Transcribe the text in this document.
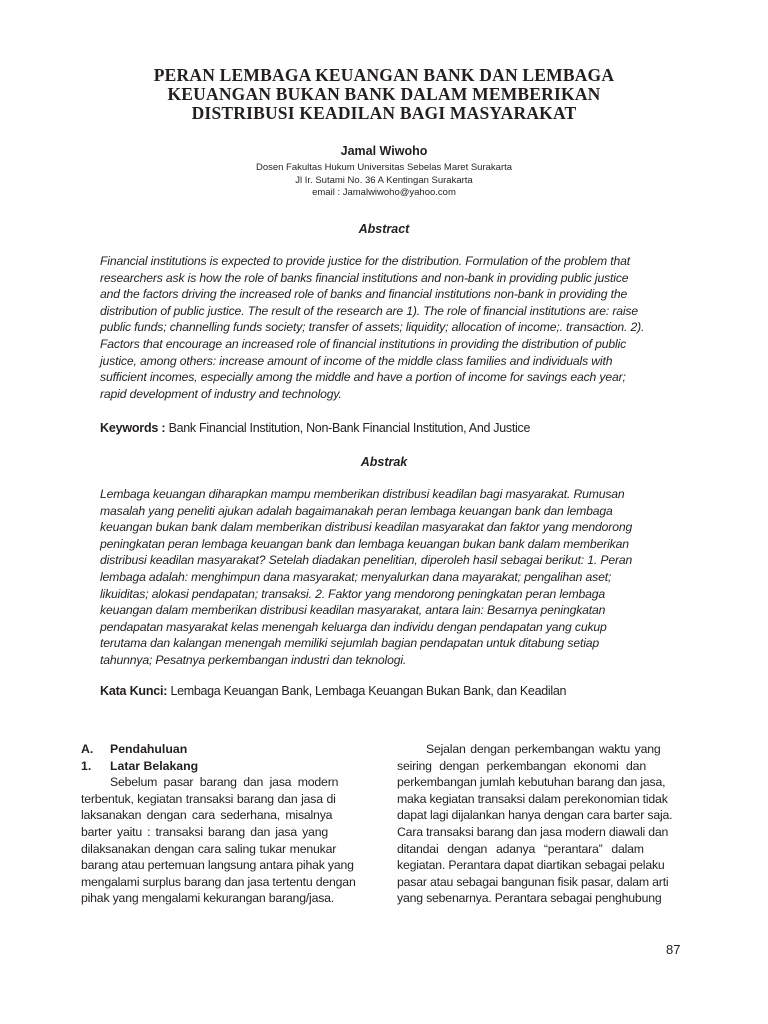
PERAN LEMBAGA KEUANGAN BANK DAN LEMBAGA
KEUANGAN BUKAN BANK DALAM MEMBERIKAN
DISTRIBUSI KEADILAN BAGI MASYARAKAT
Jamal Wiwoho
Dosen Fakultas Hukum Universitas Sebelas Maret Surakarta
Jl Ir. Sutami No. 36 A Kentingan Surakarta
email : Jamalwiwoho@yahoo.com
Abstract
Financial institutions is expected to provide justice for the distribution. Formulation of the problem that
researchers ask is how the role of banks financial institutions and non-bank in providing public justice
and the factors driving the increased role of banks and financial institutions non-bank in providing the
distribution of public justice. The result of the research are 1). The role of financial institutions are: raise
public funds; channelling funds society; transfer of assets; liquidity; allocation of income;. transaction. 2).
Factors that encourage an increased role of financial institutions in providing the distribution of public
justice, among others: increase amount of income of the middle class families and individuals with
sufficient incomes, especially among the middle and have a portion of income for savings each year;
rapid development of industry and technology.
Keywords : Bank Financial Institution, Non-Bank Financial Institution, And Justice
Abstrak
Lembaga keuangan diharapkan mampu memberikan distribusi keadilan bagi masyarakat. Rumusan
masalah yang peneliti ajukan adalah bagaimanakah peran lembaga keuangan bank dan lembaga
keuangan bukan bank dalam memberikan distribusi keadilan masyarakat dan faktor yang mendorong
peningkatan peran lembaga keuangan bank dan lembaga keuangan bukan bank dalam memberikan
distribusi keadilan masyarakat? Setelah diadakan penelitian, diperoleh hasil sebagai berikut: 1. Peran
lembaga adalah: menghimpun dana masyarakat; menyalurkan dana mayarakat; pengalihan aset;
likuiditas; alokasi pendapatan; transaksi. 2. Faktor yang mendorong peningkatan peran lembaga
keuangan dalam memberikan distribusi keadilan masyarakat, antara lain: Besarnya peningkatan
pendapatan masyarakat kelas menengah keluarga dan individu dengan pendapatan yang cukup
terutama dan kalangan menengah memiliki sejumlah bagian pendapatan untuk ditabung setiap
tahunnya; Pesatnya perkembangan industri dan teknologi.
Kata Kunci: Lembaga Keuangan Bank, Lembaga Keuangan Bukan Bank, dan Keadilan
A.	Pendahuluan
1.	Latar Belakang
Sebelum pasar barang dan jasa modern
terbentuk, kegiatan transaksi barang dan jasa di
laksanakan dengan cara sederhana, misalnya
barter yaitu : transaksi barang dan jasa yang
dilaksanakan dengan cara saling tukar menukar
barang atau pertemuan langsung antara pihak yang
mengalami surplus barang dan jasa tertentu dengan
pihak yang mengalami kekurangan barang/jasa.
Sejalan dengan perkembangan waktu yang
seiring dengan perkembangan ekonomi dan
perkembangan jumlah kebutuhan barang dan jasa,
maka kegiatan transaksi dalam perekonomian tidak
dapat lagi dijalankan hanya dengan cara barter saja.
Cara transaksi barang dan jasa modern diawali dan
ditandai dengan adanya “perantara” dalam
kegiatan. Perantara dapat diartikan sebagai pelaku
pasar atau sebagai bangunan fisik pasar, dalam arti
yang sebenarnya. Perantara sebagai penghubung
87
